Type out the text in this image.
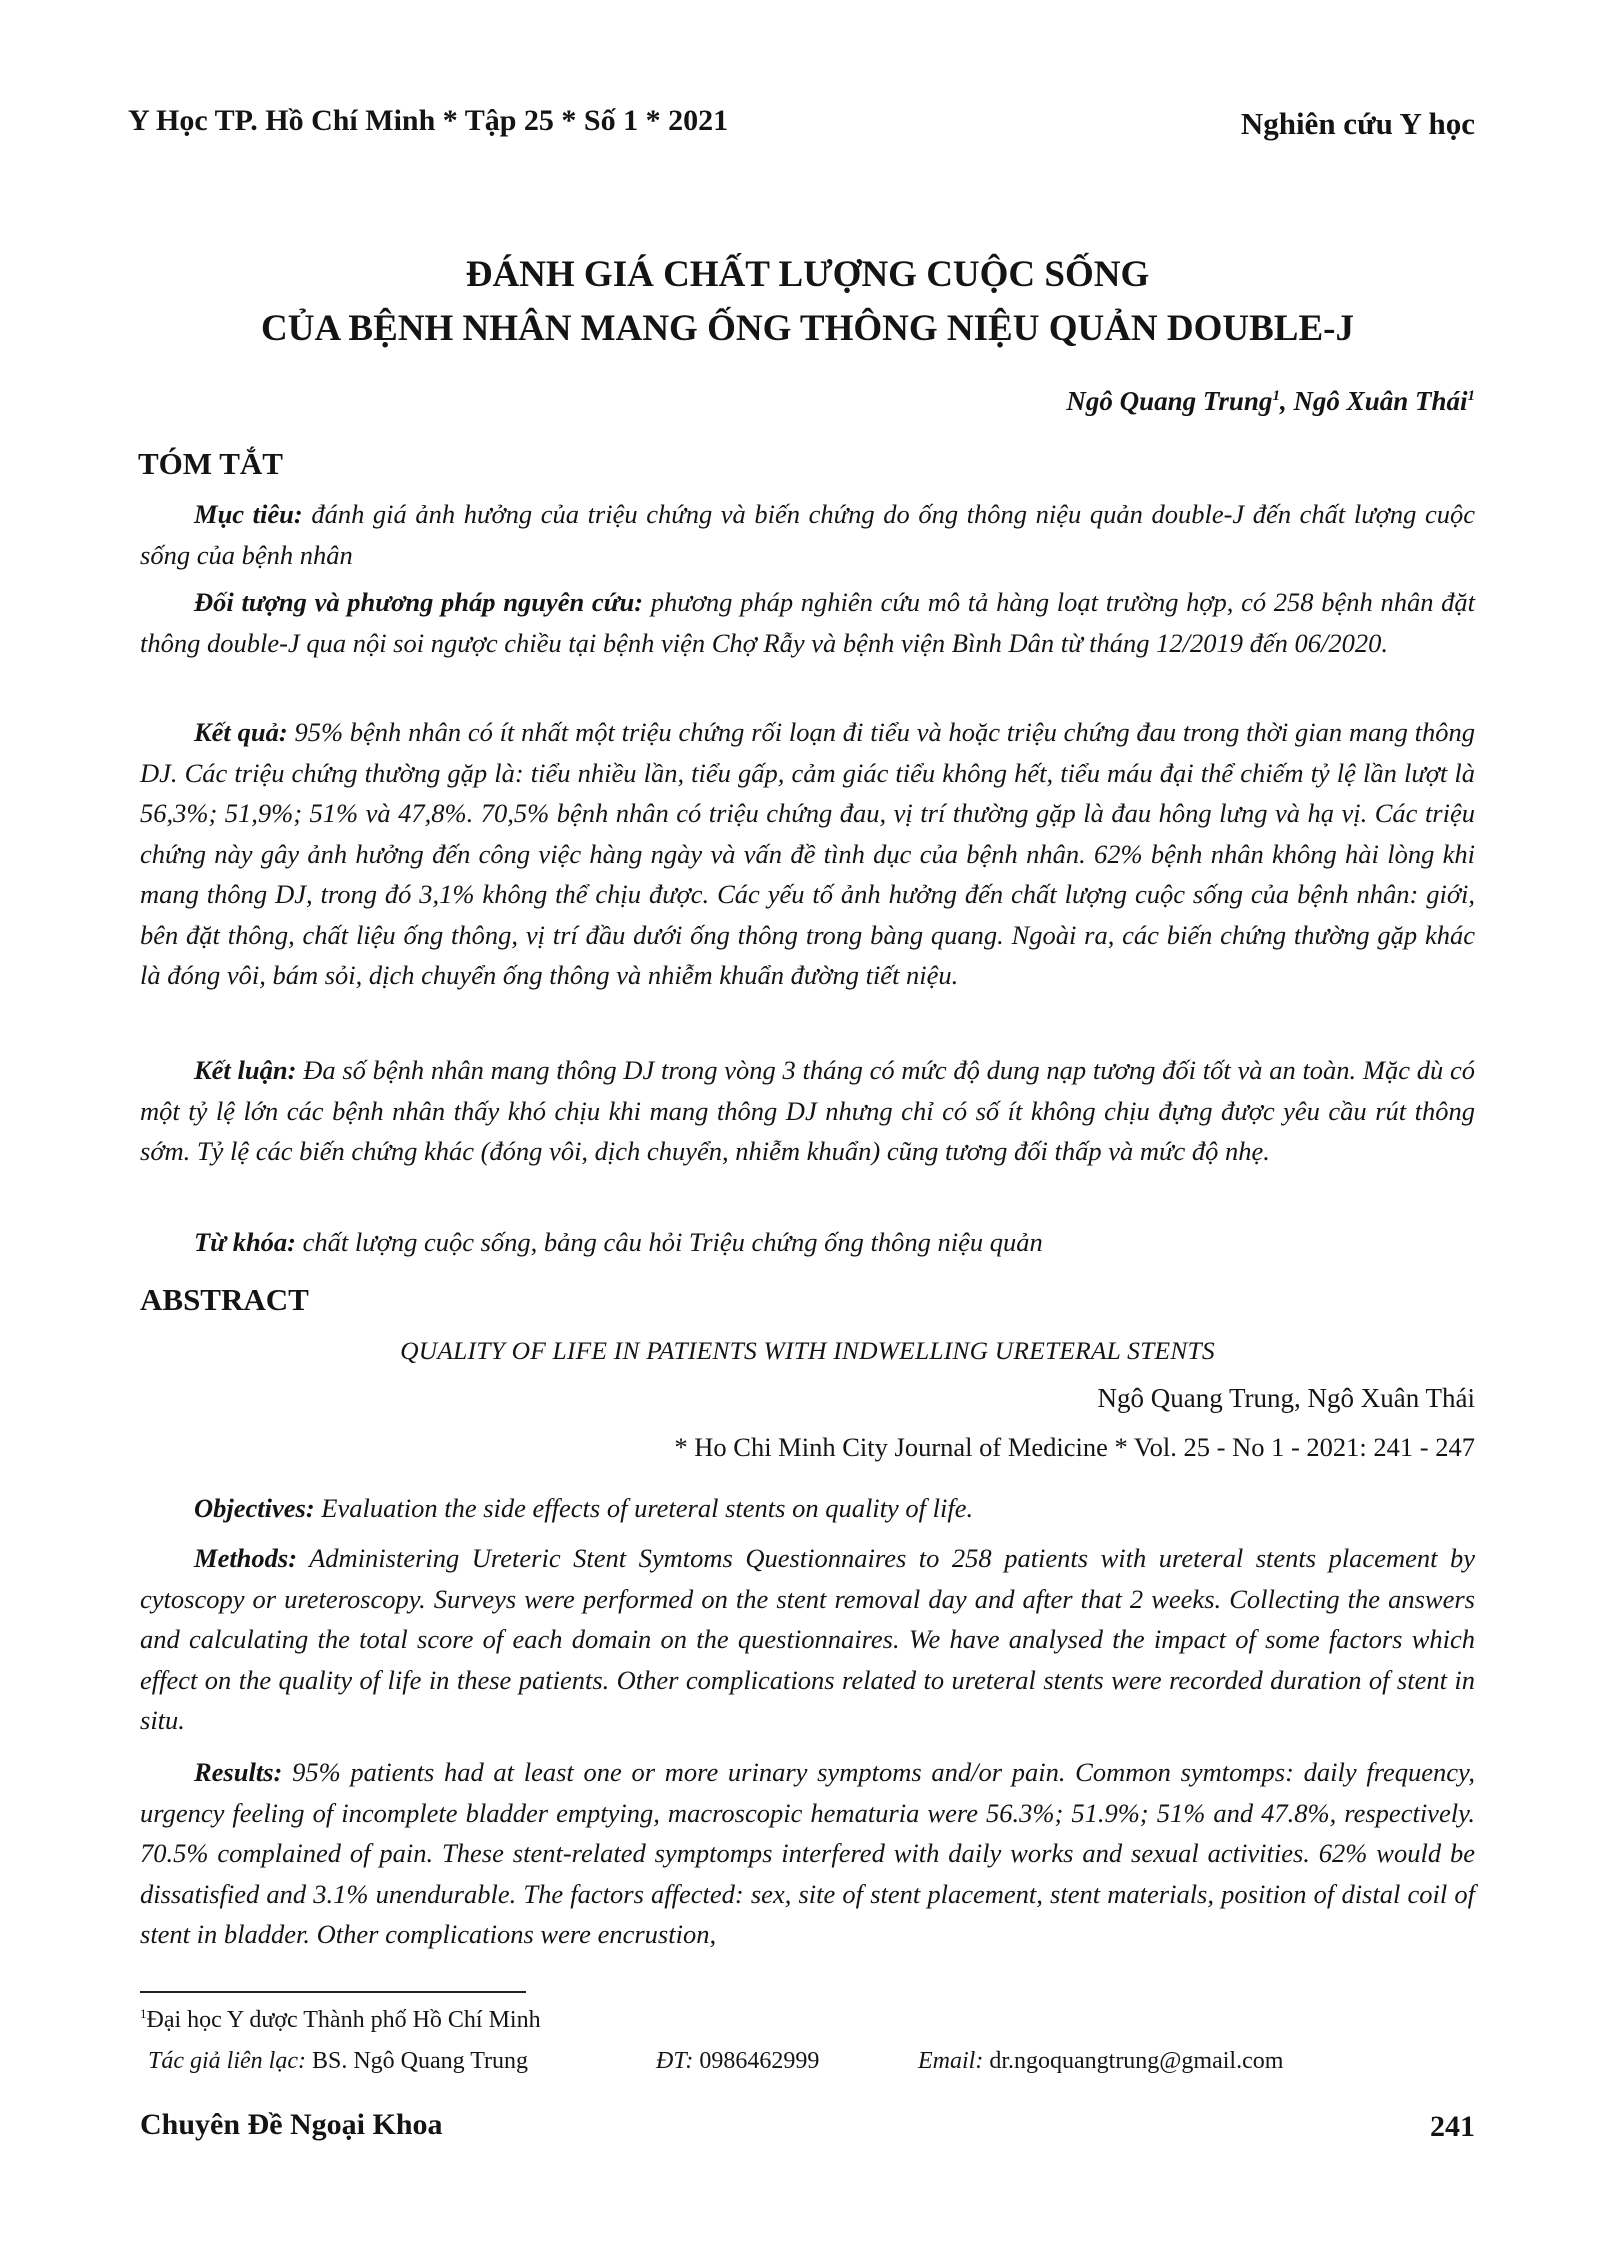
Y Học TP. Hồ Chí Minh * Tập 25 * Số 1 * 2021	Nghiên cứu Y học
ĐÁNH GIÁ CHẤT LƯỢNG CUỘC SỐNG
CỦA BỆNH NHÂN MANG ỐNG THÔNG NIỆU QUẢN DOUBLE-J
Ngô Quang Trung$^1$, Ngô Xuân Thái$^1$
TÓM TẮT

Mục tiêu: đánh giá ảnh hưởng của triệu chứng và biến chứng do ống thông niệu quản double-J đến chất lượng cuộc sống của bệnh nhân

Đối tượng và phương pháp nguyên cứu: phương pháp nghiên cứu mô tả hàng loạt trường hợp, có 258 bệnh nhân đặt thông double-J qua nội soi ngược chiều tại bệnh viện Chợ Rẫy và bệnh viện Bình Dân từ tháng 12/2019 đến 06/2020.

Kết quả: 95% bệnh nhân có ít nhất một triệu chứng rối loạn đi tiểu và hoặc triệu chứng đau trong thời gian mang thông DJ. Các triệu chứng thường gặp là: tiểu nhiều lần, tiểu gấp, cảm giác tiểu không hết, tiểu máu đại thể chiếm tỷ lệ lần lượt là 56,3%; 51,9%; 51% và 47,8%. 70,5% bệnh nhân có triệu chứng đau, vị trí thường gặp là đau hông lưng và hạ vị. Các triệu chứng này gây ảnh hưởng đến công việc hàng ngày và vấn đề tình dục của bệnh nhân. 62% bệnh nhân không hài lòng khi mang thông DJ, trong đó 3,1% không thể chịu được. Các yếu tố ảnh hưởng đến chất lượng cuộc sống của bệnh nhân: giới, bên đặt thông, chất liệu ống thông, vị trí đầu dưới ống thông trong bàng quang. Ngoài ra, các biến chứng thường gặp khác là đóng vôi, bám sỏi, dịch chuyển ống thông và nhiễm khuẩn đường tiết niệu.

Kết luận: Đa số bệnh nhân mang thông DJ trong vòng 3 tháng có mức độ dung nạp tương đối tốt và an toàn. Mặc dù có một tỷ lệ lớn các bệnh nhân thấy khó chịu khi mang thông DJ nhưng chỉ có số ít không chịu đựng được yêu cầu rút thông sớm. Tỷ lệ các biến chứng khác (đóng vôi, dịch chuyển, nhiễm khuẩn) cũng tương đối thấp và mức độ nhẹ.

Từ khóa: chất lượng cuộc sống, bảng câu hỏi Triệu chứng ống thông niệu quản

ABSTRACT
QUALITY OF LIFE IN PATIENTS WITH INDWELLING URETERAL STENTS
Ngô Quang Trung, Ngô Xuân Thái
* Ho Chi Minh City Journal of Medicine * Vol. 25 - No 1 - 2021: 241 - 247

Objectives: Evaluation the side effects of ureteral stents on quality of life.

Methods: Administering Ureteric Stent Symtoms Questionnaires to 258 patients with ureteral stents placement by cytoscopy or ureteroscopy. Surveys were performed on the stent removal day and after that 2 weeks. Collecting the answers and calculating the total score of each domain on the questionnaires. We have analysed the impact of some factors which effect on the quality of life in these patients. Other complications related to ureteral stents were recorded duration of stent in situ.

Results: 95% patients had at least one or more urinary symptoms and/or pain. Common symtomps: daily frequency, urgency feeling of incomplete bladder emptying, macroscopic hematuria were 56.3%; 51.9%; 51% and 47.8%, respectively. 70.5% complained of pain. These stent-related symptomps interfered with daily works and sexual activities. 62% would be dissatisfied and 3.1% unendurable. The factors affected: sex, site of stent placement, stent materials, position of distal coil of stent in bladder. Other complications were encrustion,

$^1$Đại học Y dược Thành phố Hồ Chí Minh
Tác giả liên lạc: BS. Ngô Quang Trung	ĐT: 0986462999	Email: dr.ngoquangtrung@gmail.com
Chuyên Đề Ngoại Khoa	241
